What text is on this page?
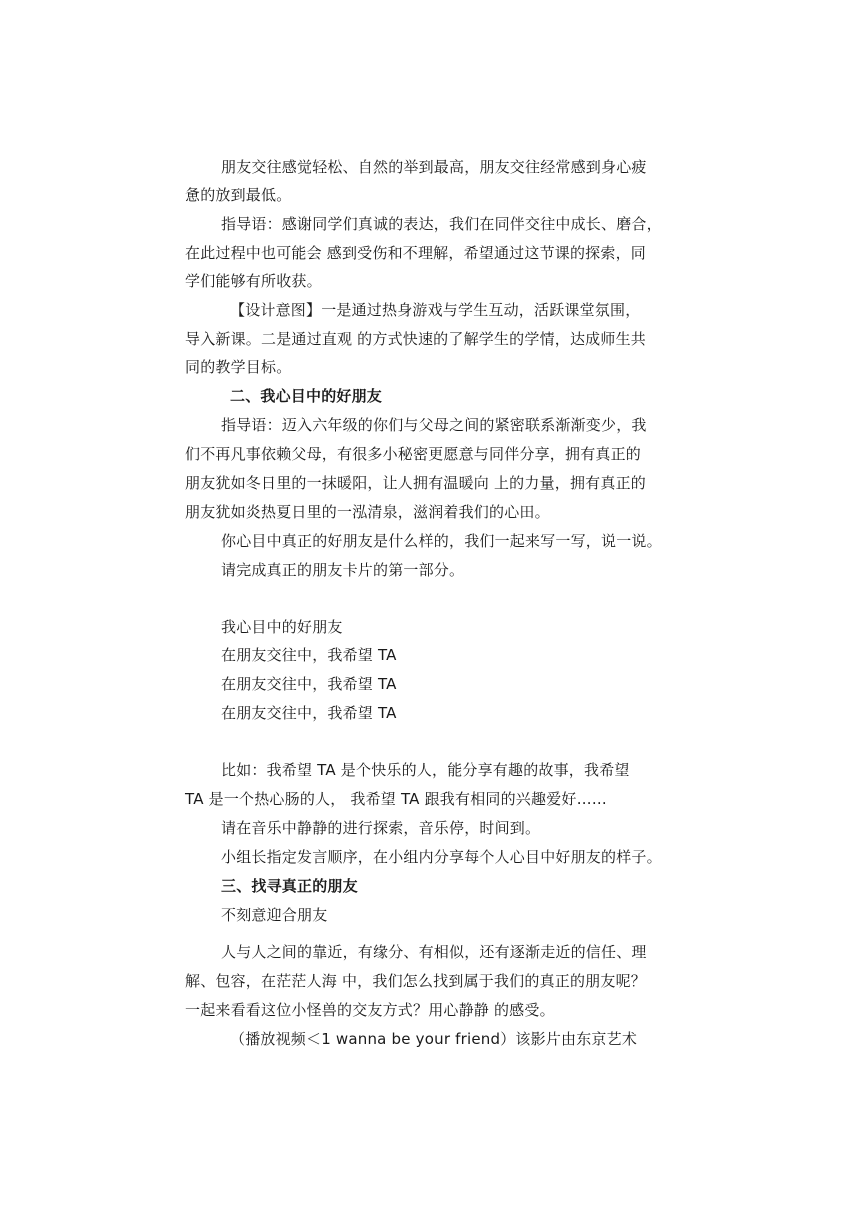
朋友交往感觉轻松、自然的举到最高，朋友交往经常感到身心疲
惫的放到最低。
指导语：感谢同学们真诚的表达，我们在同伴交往中成长、磨合，
在此过程中也可能会 感到受伤和不理解，希望通过这节课的探索，同
学们能够有所收获。
【设计意图】一是通过热身游戏与学生互动，活跃课堂氛围，
导入新课。二是通过直观 的方式快速的了解学生的学情，达成师生共
同的教学目标。
二、我心目中的好朋友
指导语：迈入六年级的你们与父母之间的紧密联系渐渐变少，我
们不再凡事依赖父母，有很多小秘密更愿意与同伴分享，拥有真正的
朋友犹如冬日里的一抹暖阳，让人拥有温暖向 上的力量，拥有真正的
朋友犹如炎热夏日里的一泓清泉，滋润着我们的心田。
你心目中真正的好朋友是什么样的，我们一起来写一写，说一说。
请完成真正的朋友卡片的第一部分。
我心目中的好朋友
在朋友交往中，我希望 TA
在朋友交往中，我希望 TA
在朋友交往中，我希望 TA
比如：我希望 TA 是个快乐的人，能分享有趣的故事，我希望
TA 是一个热心肠的人， 我希望 TA 跟我有相同的兴趣爱好……
请在音乐中静静的进行探索，音乐停，时间到。
小组长指定发言顺序，在小组内分享每个人心目中好朋友的样子。
三、找寻真正的朋友
不刻意迎合朋友
人与人之间的靠近，有缘分、有相似，还有逐渐走近的信任、理
解、包容，在茫茫人海 中，我们怎么找到属于我们的真正的朋友呢？
一起来看看这位小怪兽的交友方式？用心静静 的感受。
（播放视频＜1 wanna be your friend）该影片由东京艺术
